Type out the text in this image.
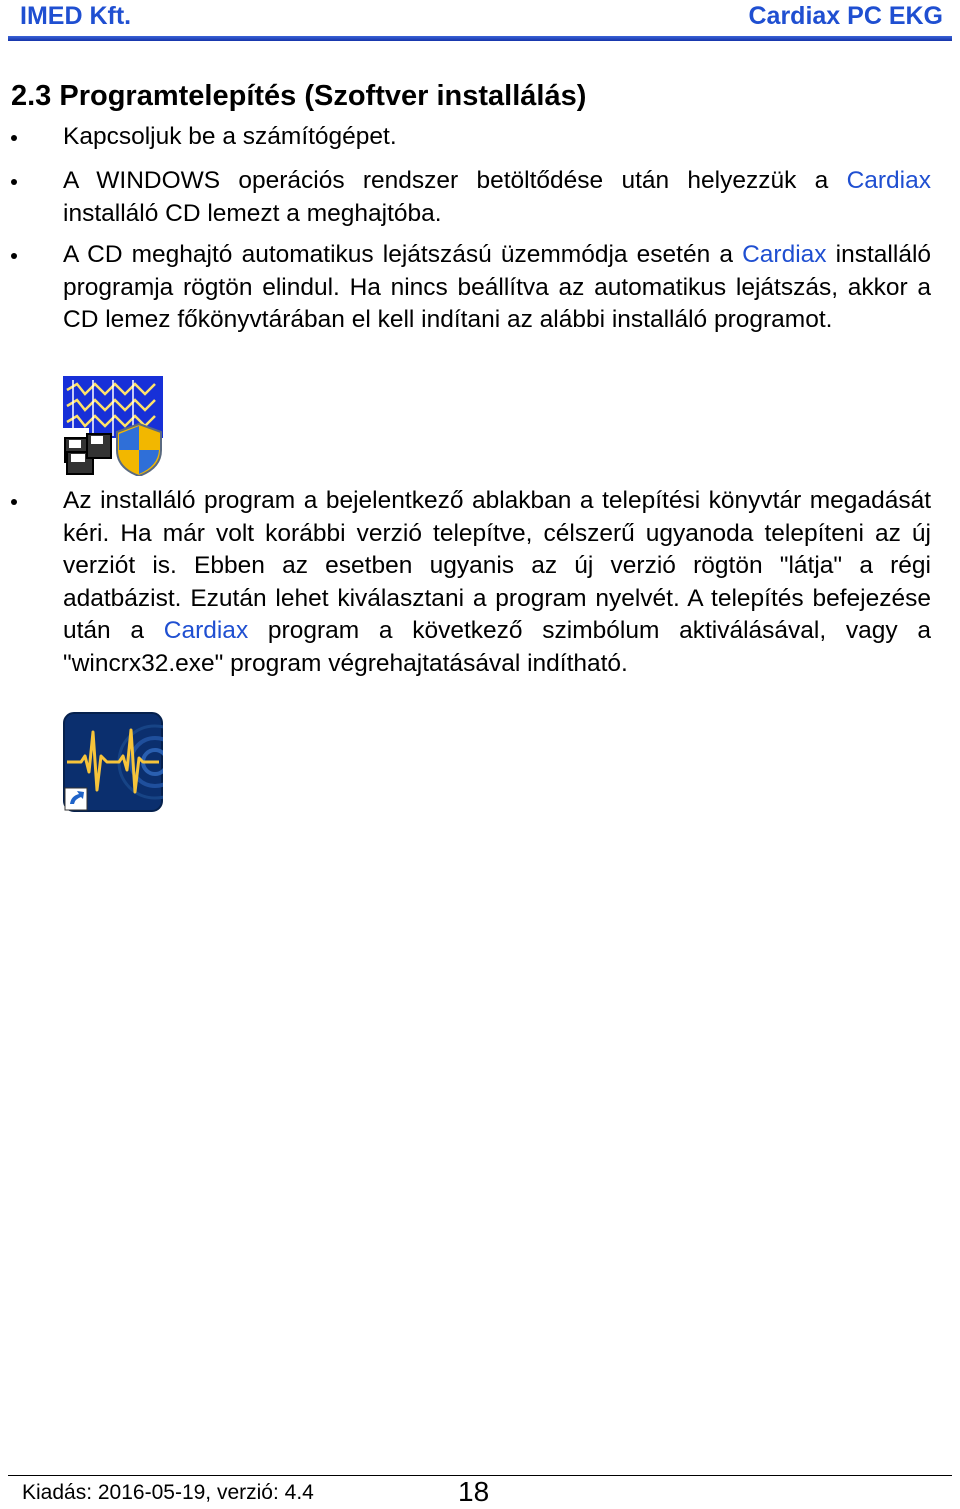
IMED Kft.	Cardiax PC EKG
2.3 Programtelepítés (Szoftver installálás)
Kapcsoljuk be a számítógépet.
A WINDOWS operációs rendszer betöltődése után helyezzük a Cardiax installáló CD lemezt a meghajtóba.
A CD meghajtó automatikus lejátszású üzemmódja esetén a Cardiax installáló programja rögtön elindul. Ha nincs beállítva az automatikus lejátszás, akkor a CD lemez főkönyvtárában el kell indítani az alábbi installáló programot.
Az installáló program a bejelentkező ablakban a telepítési könyvtár megadását kéri. Ha már volt korábbi verzió telepítve, célszerű ugyanoda telepíteni az új verziót is. Ebben az esetben ugyanis az új verzió rögtön "látja" a régi adatbázist. Ezután lehet kiválasztani a program nyelvét. A telepítés befejezése után a Cardiax program a következő szimbólum aktiválásával, vagy a "wincrx32.exe" program végrehajtatásával indítható.
Kiadás: 2016-05-19, verzió: 4.4	18
